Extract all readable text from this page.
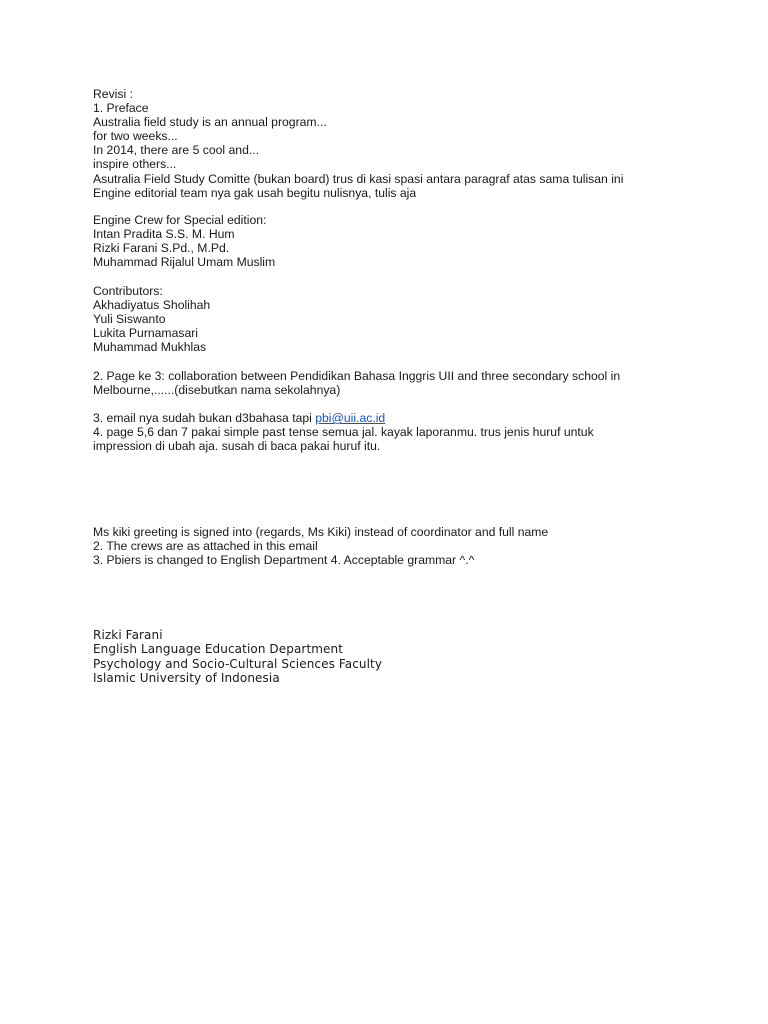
Revisi :
1. Preface
Australia field study is an annual program...
for two weeks...
In 2014, there are 5 cool and...
inspire others...
Asutralia Field Study Comitte (bukan board) trus di kasi spasi antara paragraf atas sama tulisan ini
Engine editorial team nya gak usah begitu nulisnya, tulis aja
Engine Crew for Special edition:
Intan Pradita S.S. M. Hum
Rizki Farani S.Pd., M.Pd.
Muhammad Rijalul Umam Muslim
Contributors:
Akhadiyatus Sholihah
Yuli Siswanto
Lukita Purnamasari
Muhammad Mukhlas
2. Page ke 3: collaboration between Pendidikan Bahasa Inggris UII and three secondary school in
Melbourne,......(disebutkan nama sekolahnya)
3. email nya sudah bukan d3bahasa tapi pbi@uii.ac.id
4. page 5,6 dan 7 pakai simple past tense semua jal. kayak laporanmu. trus jenis huruf untuk
impression di ubah aja. susah di baca pakai huruf itu.
Ms kiki greeting is signed into (regards, Ms Kiki) instead of coordinator and full name
2. The crews are as attached in this email
3. Pbiers is changed to English Department 4. Acceptable grammar ^.^
Rizki Farani
English Language Education Department
Psychology and Socio-Cultural Sciences Faculty
Islamic University of Indonesia
